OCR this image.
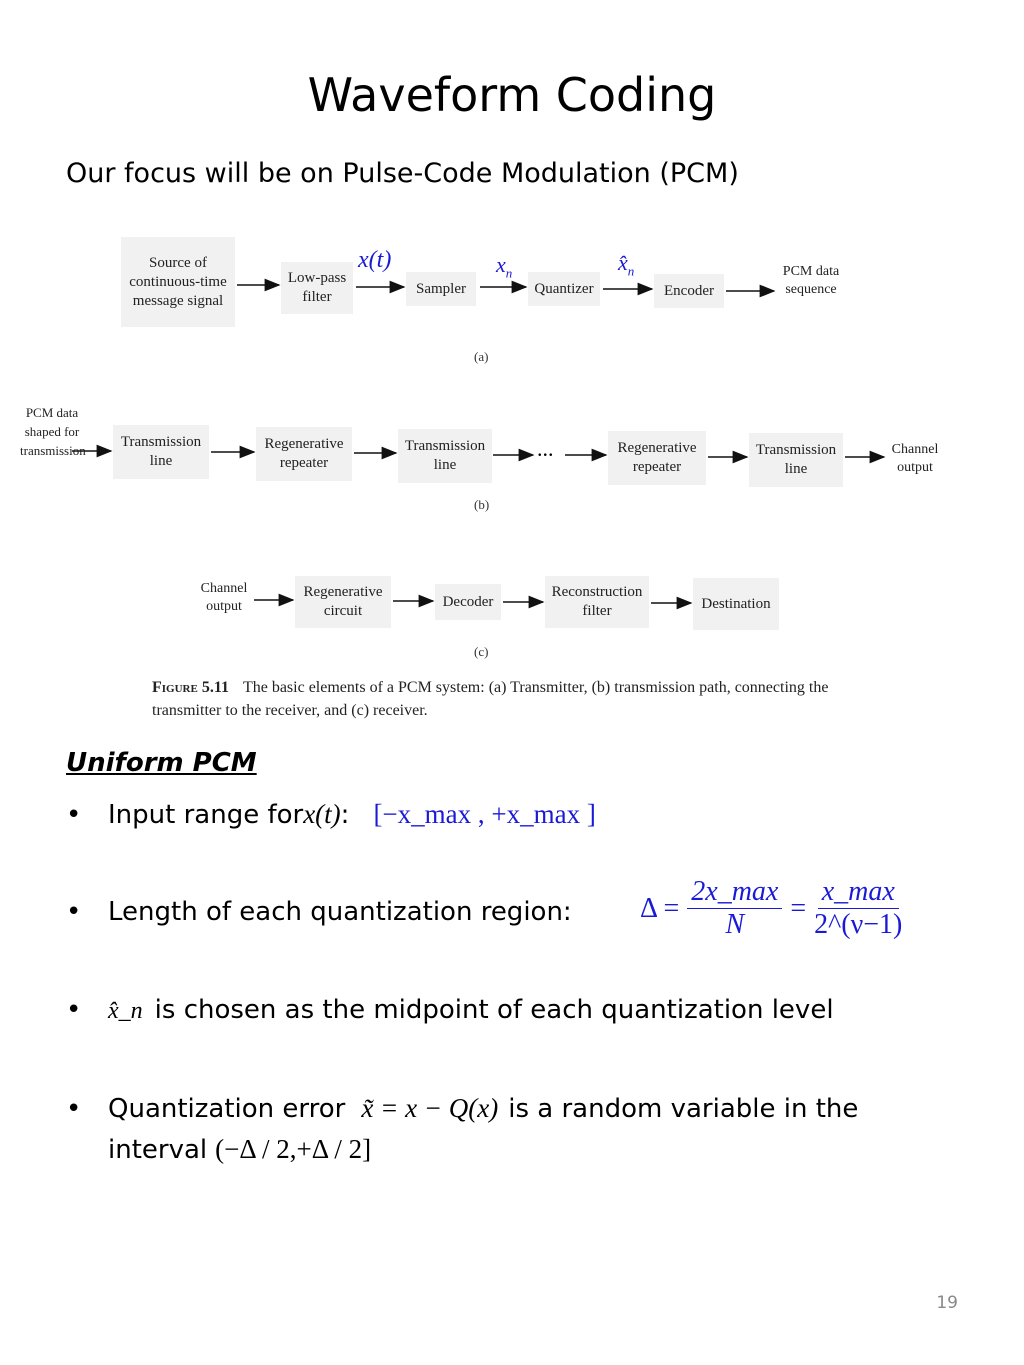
Waveform Coding
Our focus will be on Pulse-Code Modulation (PCM)
Source of continuous-time message signal
Low-pass filter
Sampler	Quantizer	Encoder
PCM data sequence
x(t)	$x_n$	$x̂_n$
(a)
PCM data shaped for transmission
Transmission line
Regenerative repeater
Transmission line
...	Regenerative repeater
Transmission line
Channel output
(b)
Channel output
Regenerative circuit
Decoder
Reconstruction filter	Destination
(c)
Figure 5.11 The basic elements of a PCM system: (a) Transmitter, (b) transmission path, connecting the transmitter to the receiver, and (c) receiver.
Uniform PCM
•	Input range for x(t) : [−x_max , +x_max ]
•	Length of each quantization region: Δ =
2x_max
N
=
x_max
2^(ν−1)
•	x̂_n is chosen as the midpoint of each quantization level
•	Quantization error x̃ = x − Q(x) is a random variable in the
interval (−Δ / 2,+Δ / 2]
19
